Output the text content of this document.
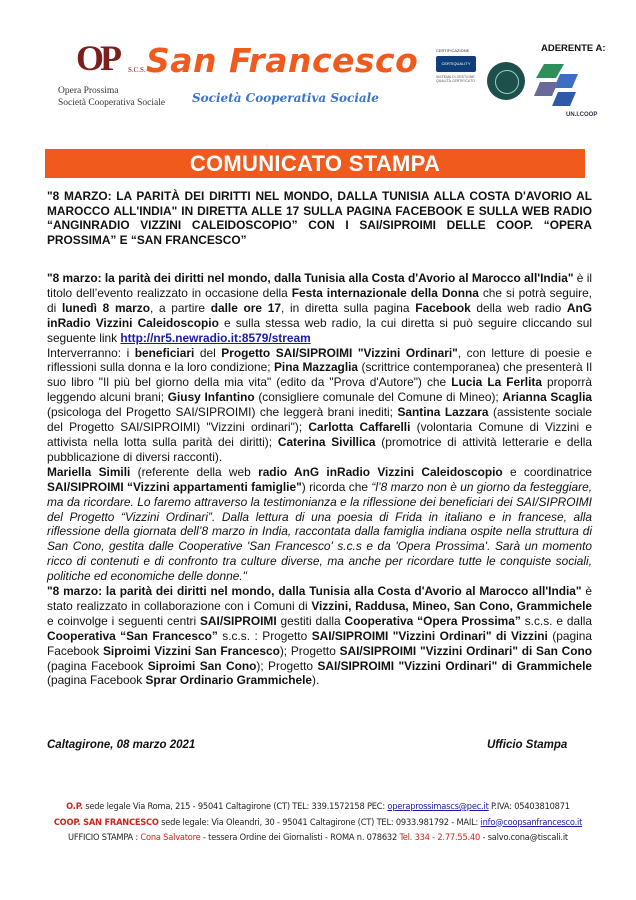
OP S.C.S.
Opera Prossima
Società Cooperativa Sociale
San Francesco
Società Cooperativa Sociale
CERTIFICAZIONE
CERTIQUALITY
SISTEMA DI GESTIONE QUALITÀ CERTIFICATO
ADERENTE A:
UN.I.COOP
COMUNICATO STAMPA
"8 MARZO: LA PARITÀ DEI DIRITTI NEL MONDO, DALLA TUNISIA ALLA COSTA D'AVORIO AL MAROCCO ALL'INDIA" IN DIRETTA ALLE 17 SULLA PAGINA FACEBOOK E SULLA WEB RADIO “ANGINRADIO VIZZINI CALEIDOSCOPIO” CON I SAI/SIPROIMI DELLE COOP. “OPERA PROSSIMA” E “SAN FRANCESCO”

"8 marzo: la parità dei diritti nel mondo, dalla Tunisia alla Costa d'Avorio al Marocco all'India" è il titolo dell’evento realizzato in occasione della Festa internazionale della Donna che si potrà seguire, di lunedì 8 marzo, a partire dalle ore 17, in diretta sulla pagina Facebook della web radio AnG inRadio Vizzini Caleidoscopio e sulla stessa web radio, la cui diretta si può seguire cliccando sul seguente link http://nr5.newradio.it:8579/stream

Interverranno: i beneficiari del Progetto SAI/SIPROIMI "Vizzini Ordinari", con letture di poesie e riflessioni sulla donna e la loro condizione; Pina Mazzaglia (scrittrice contemporanea) che presenterà Il suo libro "Il più bel giorno della mia vita" (edito da "Prova d'Autore") che Lucia La Ferlita proporrà leggendo alcuni brani; Giusy Infantino (consigliere comunale del Comune di Mineo); Arianna Scaglia (psicologa del Progetto SAI/SIPROIMI) che leggerà brani inediti; Santina Lazzara (assistente sociale del Progetto SAI/SIPROIMI) "Vizzini ordinari"); Carlotta Caffarelli (volontaria Comune di Vizzini e attivista nella lotta sulla parità dei diritti); Caterina Sivillica (promotrice di attività letterarie e della pubblicazione di diversi racconti).

Mariella Simili (referente della web radio AnG inRadio Vizzini Caleidoscopio e coordinatrice SAI/SIPROIMI “Vizzini appartamenti famiglie") ricorda che “l’8 marzo non è un giorno da festeggiare, ma da ricordare. Lo faremo attraverso la testimonianza e la riflessione dei beneficiari dei SAI/SIPROIMI del Progetto “Vizzini Ordinari”. Dalla lettura di una poesia di Frida in italiano e in francese, alla riflessione della giornata dell’8 marzo in India, raccontata dalla famiglia indiana ospite nella struttura di San Cono, gestita dalle Cooperative 'San Francesco' s.c.s e da 'Opera Prossima'. Sarà un momento ricco di contenuti e di confronto tra culture diverse, ma anche per ricordare tutte le conquiste sociali, politiche ed economiche delle donne."

"8 marzo: la parità dei diritti nel mondo, dalla Tunisia alla Costa d'Avorio al Marocco all'India" è stato realizzato in collaborazione con i Comuni di Vizzini, Raddusa, Mineo, San Cono, Grammichele e coinvolge i seguenti centri SAI/SIPROIMI gestiti dalla Cooperativa “Opera Prossima” s.c.s. e dalla Cooperativa “San Francesco” s.c.s. : Progetto SAI/SIPROIMI "Vizzini Ordinari" di Vizzini (pagina Facebook Siproimi Vizzini San Francesco); Progetto SAI/SIPROIMI "Vizzini Ordinari" di San Cono (pagina Facebook Siproimi San Cono); Progetto SAI/SIPROIMI "Vizzini Ordinari" di Grammichele (pagina Facebook Sprar Ordinario Grammichele).

Caltagirone, 08 marzo 2021	Ufficio Stampa
O.P. sede legale Via Roma, 215 - 95041 Caltagirone (CT) TEL: 339.1572158 PEC: operaprossimascs@pec.it P.IVA: 05403810871
COOP. SAN FRANCESCO sede legale: Via Oleandri, 30 - 95041 Caltagirone (CT) TEL: 0933.981792 - MAIL: info@coopsanfrancesco.it
UFFICIO STAMPA : Cona Salvatore - tessera Ordine dei Giornalisti - ROMA n. 078632 Tel. 334 - 2.77.55.40 - salvo.cona@tiscali.it
